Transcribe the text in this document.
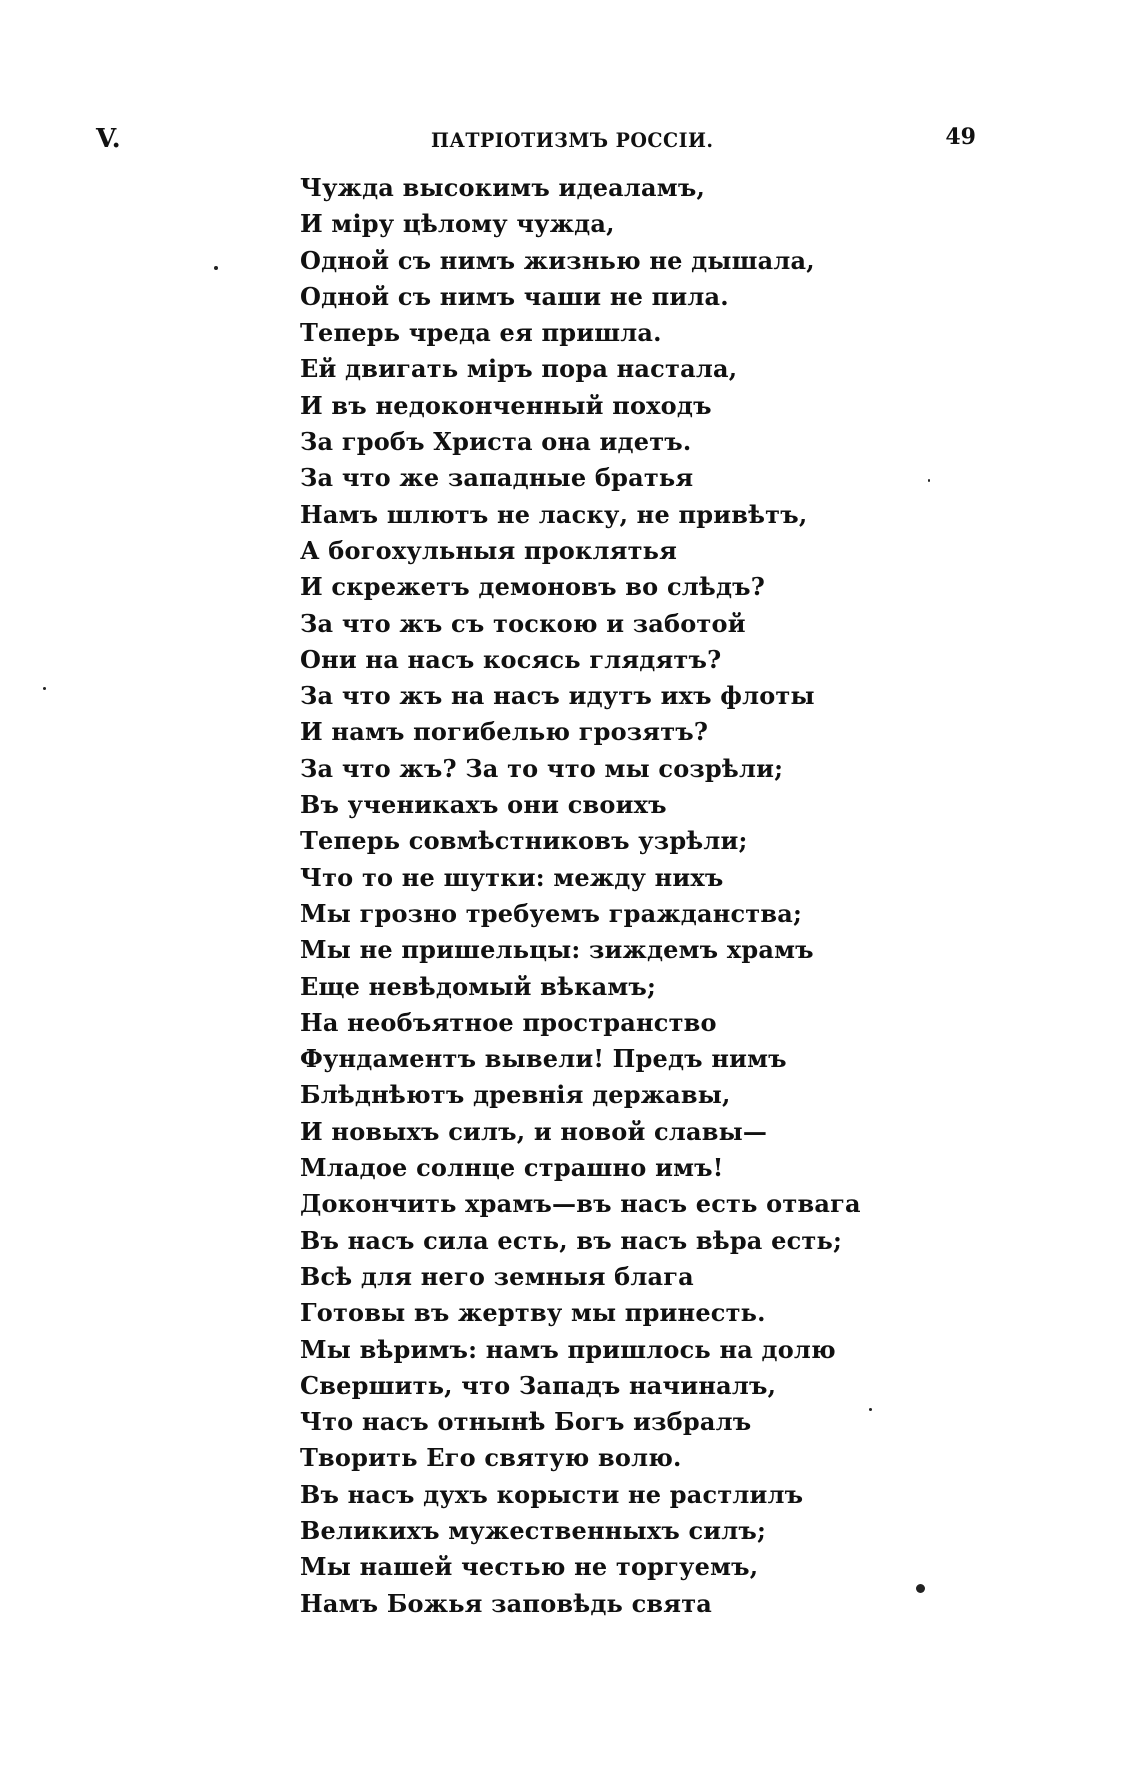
V.	ПАТРІОТИЗМЪ РОССІИ.	49
Чужда высокимъ идеаламъ,
И міру цѣлому чужда,
Одной съ нимъ жизнью не дышала,
Одной съ нимъ чаши не пила.
Теперь чреда ея пришла.
Ей двигать міръ пора настала,
И въ недоконченный походъ
За гробъ Христа она идетъ.
За что же западные братья
Намъ шлютъ не ласку, не привѣтъ,
А богохульныя проклятья
И скрежетъ демоновъ во слѣдъ?
За что жъ съ тоскою и заботой
Они на насъ косясь глядятъ?
За что жъ на насъ идутъ ихъ флоты
И намъ погибелью грозятъ?
За что жъ? За то что мы созрѣли;
Въ ученикахъ они своихъ
Теперь совмѣстниковъ узрѣли;
Что то не шутки: между нихъ
Мы грозно требуемъ гражданства;
Мы не пришельцы: зиждемъ храмъ
Еще невѣдомый вѣкамъ;
На необъятное пространство
Фундаментъ вывели! Предъ нимъ
Блѣднѣютъ древнія державы,
И новыхъ силъ, и новой славы—
Младое солнце страшно имъ!
Докончить храмъ—въ насъ есть отвага
Въ насъ сила есть, въ насъ вѣра есть;
Всѣ для него земныя блага
Готовы въ жертву мы принесть.
Мы вѣримъ: намъ пришлось на долю
Свершить, что Западъ начиналъ,
Что насъ отнынѣ Богъ избралъ
Творить Его святую волю.
Въ насъ духъ корысти не растлилъ
Великихъ мужественныхъ силъ;
Мы нашей честью не торгуемъ,
Намъ Божья заповѣдь свята
